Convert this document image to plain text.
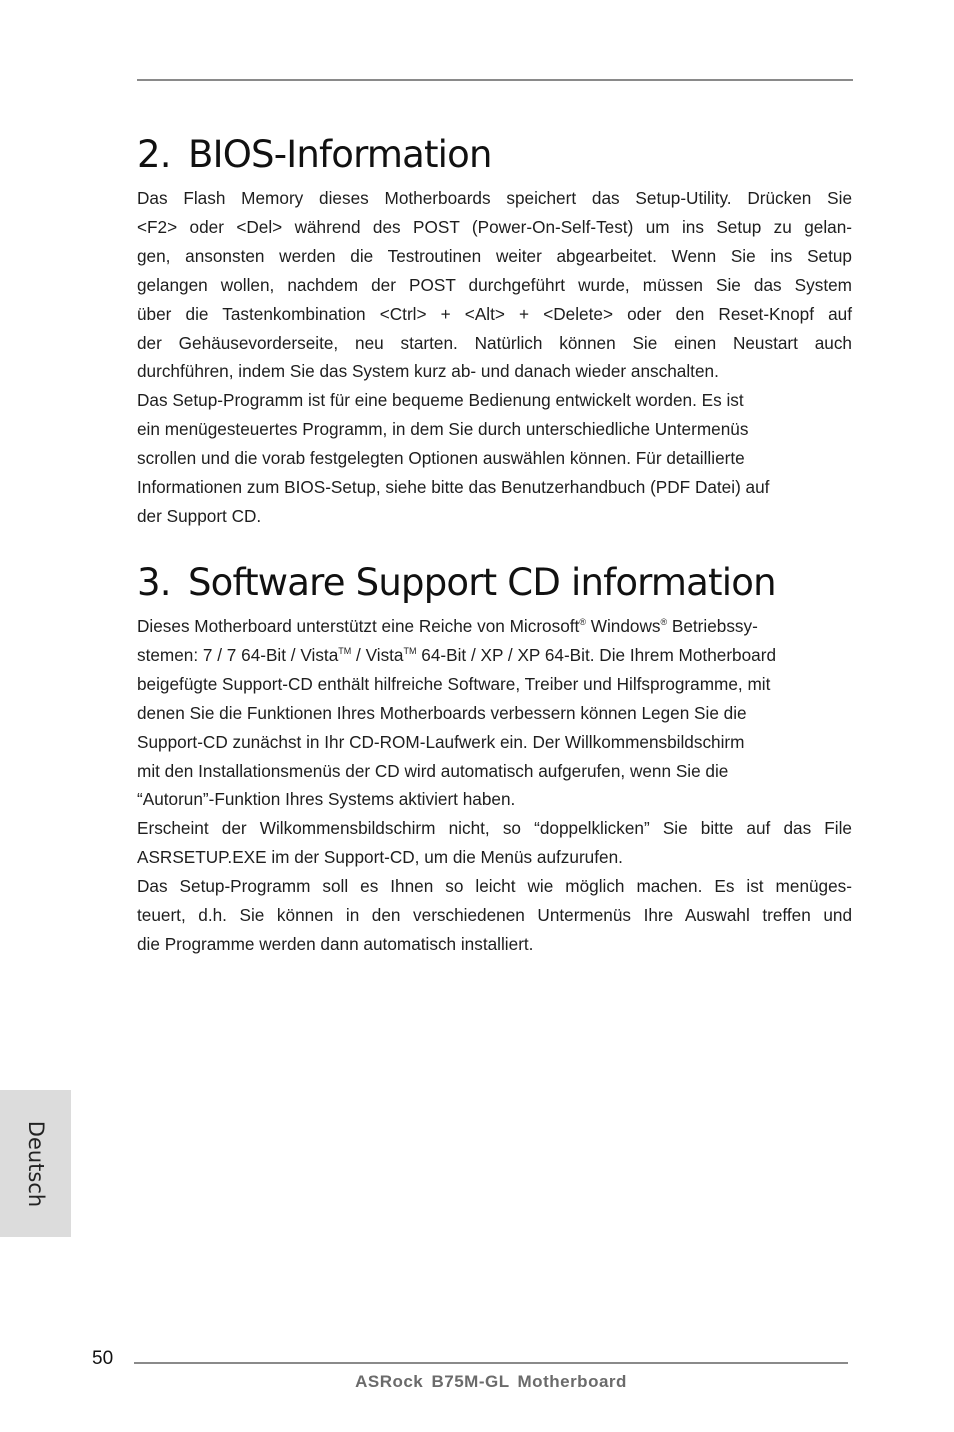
2. BIOS-Information

Das Flash Memory dieses Motherboards speichert das Setup-Utility. Drücken Sie
<F2> oder <Del> während des POST (Power-On-Self-Test) um ins Setup zu gelan-
gen, ansonsten werden die Testroutinen weiter abgearbeitet. Wenn Sie ins Setup
gelangen wollen, nachdem der POST durchgeführt wurde, müssen Sie das System
über die Tastenkombination <Ctrl> + <Alt> + <Delete> oder den Reset-Knopf auf
der Gehäusevorderseite, neu starten. Natürlich können Sie einen Neustart auch
durchführen, indem Sie das System kurz ab- und danach wieder anschalten.

Das Setup-Programm ist für eine bequeme Bedienung entwickelt worden. Es ist
ein menügesteuertes Programm, in dem Sie durch unterschiedliche Untermenüs
scrollen und die vorab festgelegten Optionen auswählen können. Für detaillierte
Informationen zum BIOS-Setup, siehe bitte das Benutzerhandbuch (PDF Datei) auf
der Support CD.

3. Software Support CD information

Dieses Motherboard unterstützt eine Reiche von Microsoft® Windows® Betriebssy-
stemen: 7 / 7 64-Bit / Vista™ / Vista™ 64-Bit / XP / XP 64-Bit. Die Ihrem Motherboard
beigefügte Support-CD enthält hilfreiche Software, Treiber und Hilfsprogramme, mit
denen Sie die Funktionen Ihres Motherboards verbessern können Legen Sie die
Support-CD zunächst in Ihr CD-ROM-Laufwerk ein. Der Willkommensbildschirm
mit den Installationsmenüs der CD wird automatisch aufgerufen, wenn Sie die
“Autorun”-Funktion Ihres Systems aktiviert haben.

Erscheint der Wilkommensbildschirm nicht, so “doppelklicken” Sie bitte auf das File
ASRSETUP.EXE im der Support-CD, um die Menüs aufzurufen.

Das Setup-Programm soll es Ihnen so leicht wie möglich machen. Es ist menüges-
teuert, d.h. Sie können in den verschiedenen Untermenüs Ihre Auswahl treffen und
die Programme werden dann automatisch installiert.

Deutsch
50
ASRock B75M-GL Motherboard
